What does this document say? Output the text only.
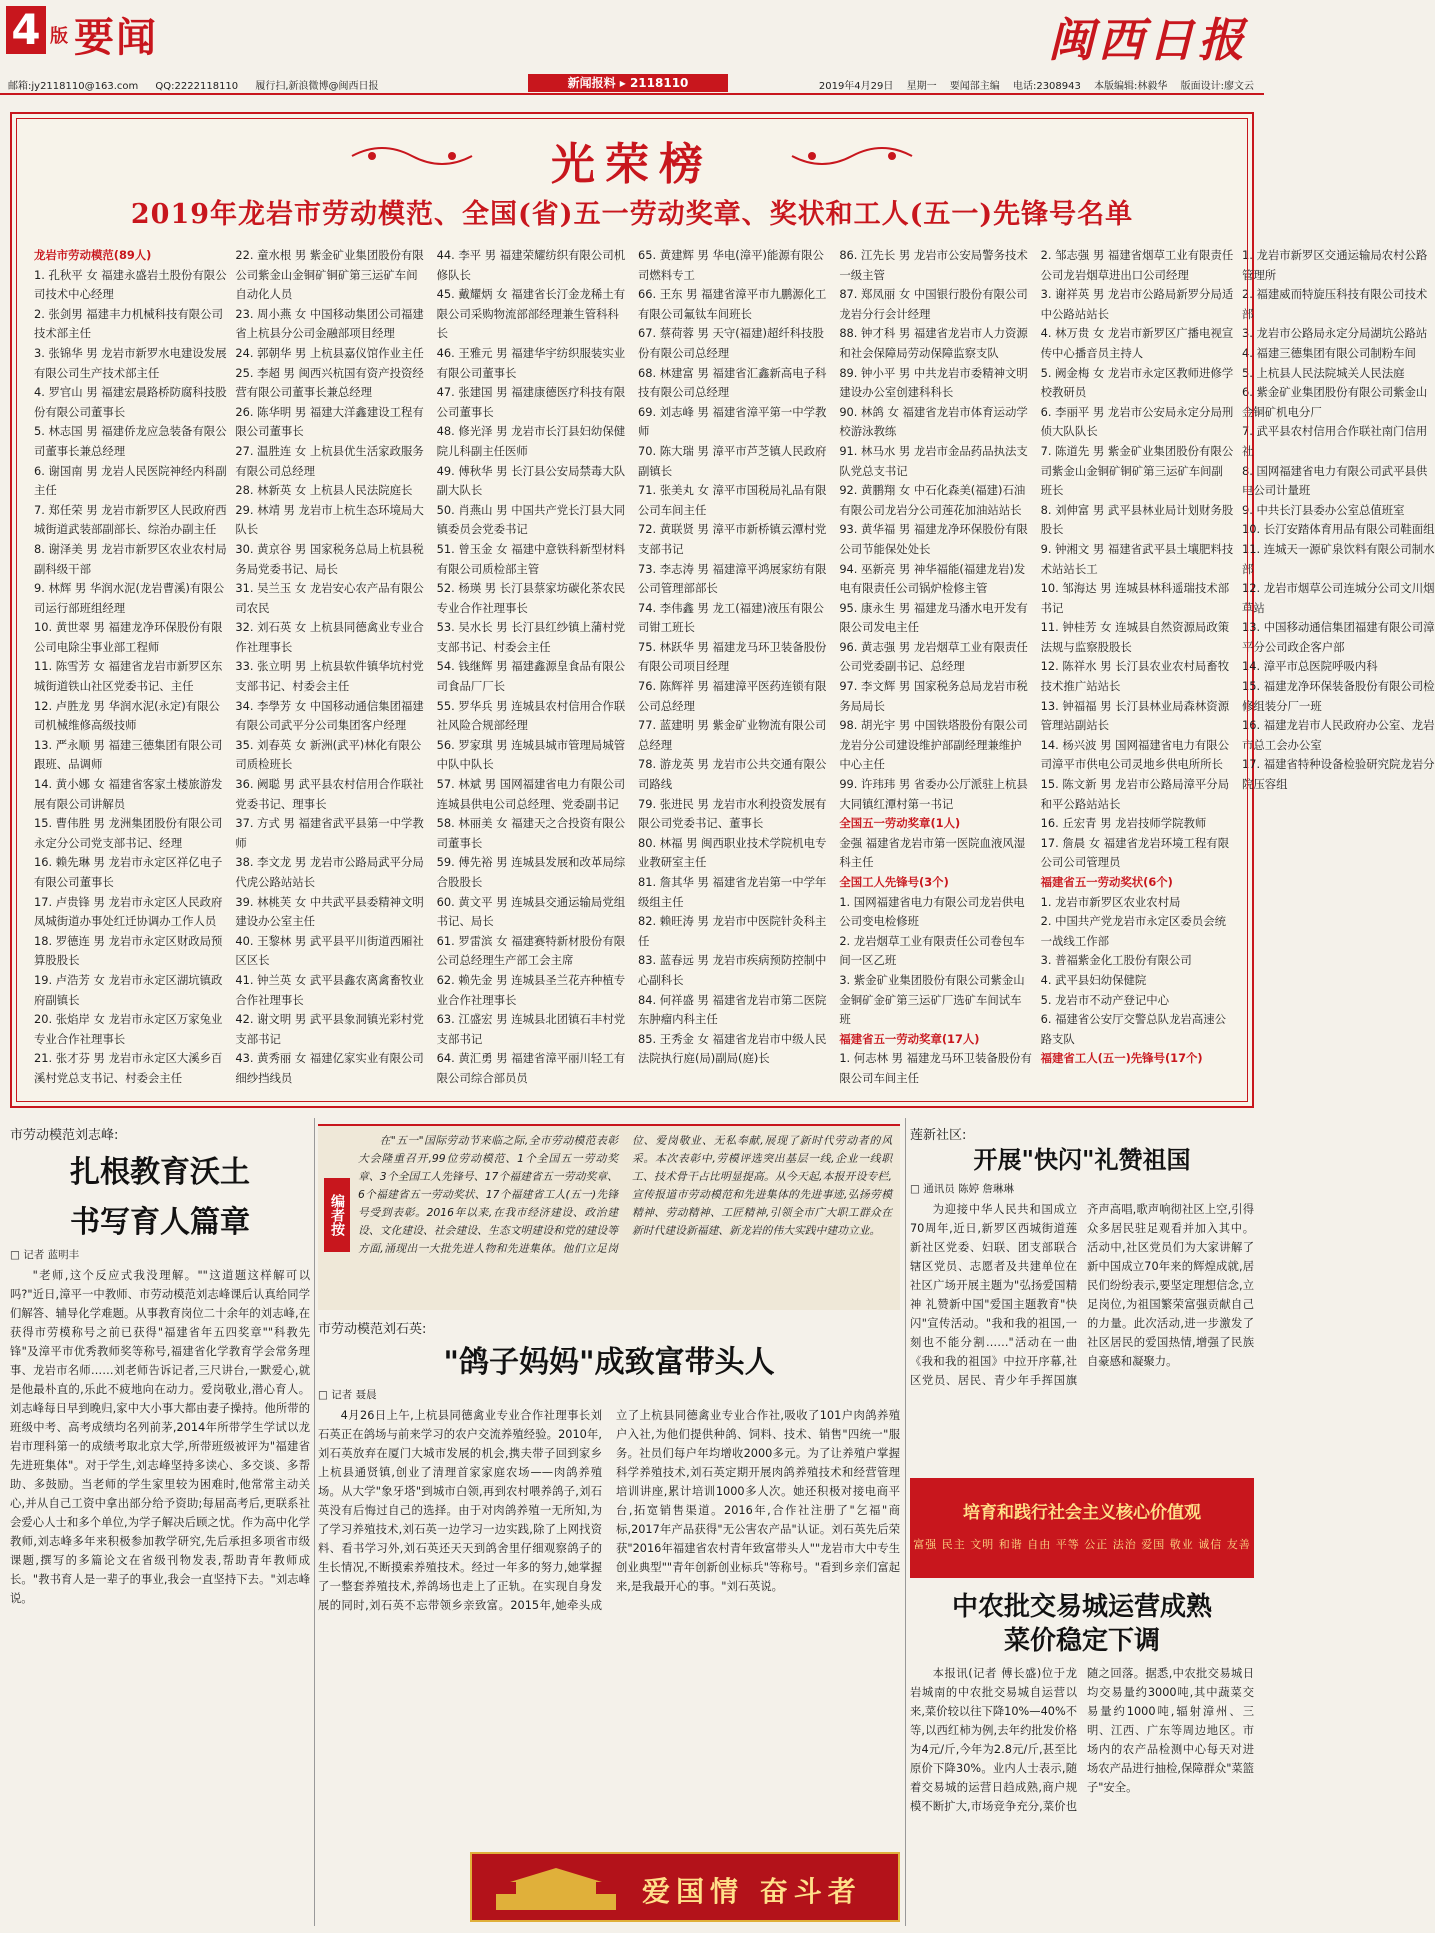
4 版 要闻	闽西日报
邮箱:jy2118110@163.com QQ:2222118110 履行扫,新浪微博@闽西日报	新闻报料 ▸ 2118110	2019年4月29日 星期一 要闻部主编 电话:2308943 本版编辑:林毅华 版面设计:廖文云
光荣榜
2019年龙岩市劳动模范、全国(省)五一劳动奖章、奖状和工人(五一)先锋号名单
龙岩市劳动模范(89人)
1. 孔秋平 女 福建永盛岩土股份有限公司技术中心经理
2. 张剑男 福建丰力机械科技有限公司技术部主任
3. 张锦华 男 龙岩市新罗水电建设发展有限公司生产技术部主任
4. 罗官山 男 福建宏晨路桥防腐科技股份有限公司董事长
5. 林志国 男 福建侨龙应急装备有限公司董事长兼总经理
6. 谢国南 男 龙岩人民医院神经内科副主任
7. 郑任荣 男 龙岩市新罗区人民政府西城街道武装部副部长、综治办副主任
8. 谢泽美 男 龙岩市新罗区农业农村局副科级干部
9. 林辉 男 华润水泥(龙岩曹溪)有限公司运行部班组经理
10. 黄世翠 男 福建龙净环保股份有限公司电除尘事业部工程师
11. 陈雪芳 女 福建省龙岩市新罗区东城街道铁山社区党委书记、主任
12. 卢胜龙 男 华润水泥(永定)有限公司机械维修高级技师
13. 严永顺 男 福建三德集团有限公司跟班、品调师
14. 黄小娜 女 福建省客家土楼旅游发展有限公司讲解员
15. 曹伟胜 男 龙洲集团股份有限公司永定分公司党支部书记、经理
16. 赖先琳 男 龙岩市永定区祥亿电子有限公司董事长
17. 卢贵锋 男 龙岩市永定区人民政府凤城街道办事处红迁协调办工作人员
18. 罗德连 男 龙岩市永定区财政局预算股股长
19. 卢浩芳 女 龙岩市永定区湖坑镇政府副镇长
20. 张焰岸 女 龙岩市永定区万家兔业专业合作社理事长
21. 张才芬 男 龙岩市永定区大溪乡百溪村党总支书记、村委会主任
22. 童水根 男 紫金矿业集团股份有限公司紫金山金铜矿铜矿第三运矿车间自动化人员
23. 周小燕 女 中国移动集团公司福建省上杭县分公司金融部项目经理
24. 郭朝华 男 上杭县嘉仪馆作业主任
25. 李超 男 闽西兴杭国有资产投资经营有限公司董事长兼总经理
26. 陈华明 男 福建大洋鑫建设工程有限公司董事长
27. 温胜连 女 上杭县优生活家政服务有限公司总经理
28. 林新英 女 上杭县人民法院庭长
29. 林靖 男 龙岩市上杭生态环境局大队长
30. 黄京谷 男 国家税务总局上杭县税务局党委书记、局长
31. 吴兰玉 女 龙岩安心农产品有限公司农民
32. 刘石英 女 上杭县同德禽业专业合作社理事长
33. 张立明 男 上杭县软件镇华坑村党支部书记、村委会主任
34. 李學芳 女 中国移动通信集团福建有限公司武平分公司集团客户经理
35. 刘春英 女 新洲(武平)林化有限公司质检班长
36. 阙聪 男 武平县农村信用合作联社党委书记、理事长
37. 方式 男 福建省武平县第一中学教师
38. 李文龙 男 龙岩市公路局武平分局代虎公路站站长
39. 林桃芙 女 中共武平县委精神文明建设办公室主任
40. 王黎林 男 武平县平川街道西厢社区区长
41. 钟兰英 女 武平县鑫农离禽畜牧业合作社理事长
42. 谢文明 男 武平县象洞镇光彩村党支部书记
43. 黄秀丽 女 福建亿家实业有限公司细纱挡线员
44. 李平 男 福建荣耀纺织有限公司机修队长
45. 戴耀炳 女 福建省长汀金龙稀土有限公司采购物流部部经理兼生管科科长
46. 王雅元 男 福建华宇纺织服装实业有限公司董事长
47. 张建国 男 福建康德医疗科技有限公司董事长
48. 修光泽 男 龙岩市长汀县妇幼保健院儿科副主任医师
49. 傅秋华 男 长汀县公安局禁毒大队副大队长
50. 肖燕山 男 中国共产党长汀县大同镇委员会党委书记
51. 曾玉金 女 福建中意铁科新型材料有限公司质检部主管
52. 杨瑛 男 长汀县蔡家坊碳化茶农民专业合作社理事长
53. 吴水长 男 长汀县红纱镇上蒲村党支部书记、村委会主任
54. 钱继辉 男 福建鑫源皇食品有限公司食品厂厂长
55. 罗华兵 男 连城县农村信用合作联社风险合规部经理
56. 罗家琪 男 连城县城市管理局城管中队中队长
57. 林斌 男 国网福建省电力有限公司连城县供电公司总经理、党委副书记
58. 林丽美 女 福建天之合投资有限公司董事长
59. 傅先裕 男 连城县发展和改革局综合股股长
60. 黄文平 男 连城县交通运输局党组书记、局长
61. 罗雷滨 女 福建赛特新材股份有限公司总经理生产部工会主席
62. 赖先金 男 连城县圣兰花卉种植专业合作社理事长
63. 江盛宏 男 连城县北团镇石丰村党支部书记
64. 黄汇勇 男 福建省漳平丽川轻工有限公司综合部员员
65. 黄建辉 男 华电(漳平)能源有限公司燃料专工
66. 王东 男 福建省漳平市九鹏源化工有限公司氟钛车间班长
67. 蔡荷蓉 男 天守(福建)超纤科技股份有限公司总经理
68. 林建富 男 福建省汇鑫新高电子科技有限公司总经理
69. 刘志峰 男 福建省漳平第一中学教师
70. 陈大瑞 男 漳平市芦芝镇人民政府副镇长
71. 张美丸 女 漳平市国税局礼品有限公司车间主任
72. 黄联贤 男 漳平市新桥镇云潭村党支部书记
73. 李志涛 男 福建漳平鸿展家纺有限公司管理部部长
74. 李伟鑫 男 龙工(福建)液压有限公司钳工班长
75. 林跃华 男 福建龙马环卫装备股份有限公司项目经理
76. 陈辉祥 男 福建漳平医药连锁有限公司总经理
77. 蓝建明 男 紫金矿业物流有限公司总经理
78. 游龙英 男 龙岩市公共交通有限公司路线
79. 张进民 男 龙岩市水利投资发展有限公司党委书记、董事长
80. 林福 男 闽西职业技术学院机电专业教研室主任
81. 詹其华 男 福建省龙岩第一中学年级组主任
82. 赖旺涛 男 龙岩市中医院针灸科主任
83. 蓝春远 男 龙岩市疾病预防控制中心副科长
84. 何祥盛 男 福建省龙岩市第二医院东肿瘤内科主任
85. 王秀金 女 福建省龙岩市中级人民法院执行庭(局)副局(庭)长
86. 江先长 男 龙岩市公安局警务技术一级主管
87. 郑凤丽 女 中国银行股份有限公司龙岩分行会计经理
88. 钟才科 男 福建省龙岩市人力资源和社会保障局劳动保障监察支队
89. 钟小平 男 中共龙岩市委精神文明建设办公室创建科科长
90. 林鸽 女 福建省龙岩市体育运动学校游泳教练
91. 林马水 男 龙岩市金品药品执法支队党总支书记
92. 黄鹏翔 女 中石化森美(福建)石油有限公司龙岩分公司莲花加油站站长
93. 黄华福 男 福建龙净环保股份有限公司节能保处处长
94. 巫新亮 男 神华福能(福建龙岩)发电有限责任公司锅炉检修主管
95. 康永生 男 福建龙马潘水电开发有限公司发电主任
96. 黄志强 男 龙岩烟草工业有限责任公司党委副书记、总经理
97. 李文辉 男 国家税务总局龙岩市税务局局长
98. 胡光宇 男 中国铁塔股份有限公司龙岩分公司建设维护部副经理兼维护中心主任
99. 许玮玮 男 省委办公厅派驻上杭县大同镇红潭村第一书记
全国五一劳动奖章(1人)
金强 福建省龙岩市第一医院血液风湿科主任
全国工人先锋号(3个)
1. 国网福建省电力有限公司龙岩供电公司变电检修班
2. 龙岩烟草工业有限责任公司卷包车间一区乙班
3. 紫金矿业集团股份有限公司紫金山金铜矿金矿第三运矿厂选矿车间试车班
福建省五一劳动奖章(17人)
1. 何志林 男 福建龙马环卫装备股份有限公司车间主任
2. 邹志强 男 福建省烟草工业有限责任公司龙岩烟草进出口公司经理
3. 谢祥英 男 龙岩市公路局新罗分局适中公路站站长
4. 林万贵 女 龙岩市新罗区广播电视宣传中心播音员主持人
5. 阙金梅 女 龙岩市永定区教师进修学校教研员
6. 李丽平 男 龙岩市公安局永定分局刑侦大队队长
7. 陈道先 男 紫金矿业集团股份有限公司紫金山金铜矿铜矿第三运矿车间副班长
8. 刘伸富 男 武平县林业局计划财务股股长
9. 钟湘文 男 福建省武平县土壤肥料技术站站长工
10. 邹海达 男 连城县林科遥瑞技术部书记
11. 钟桂芳 女 连城县自然资源局政策法规与监察股股长
12. 陈祥水 男 长汀县农业农村局畜牧技术推广站站长
13. 钟福福 男 长汀县林业局森林资源管理站副站长
14. 杨兴波 男 国网福建省电力有限公司漳平市供电公司灵地乡供电所所长
15. 陈文新 男 龙岩市公路局漳平分局和平公路站站长
16. 丘宏青 男 龙岩技师学院教师
17. 詹晨 女 福建省龙岩环境工程有限公司公司管理员
福建省五一劳动奖状(6个)
1. 龙岩市新罗区农业农村局
2. 中国共产党龙岩市永定区委员会统一战线工作部
3. 普福紫金化工股份有限公司
4. 武平县妇幼保健院
5. 龙岩市不动产登记中心
6. 福建省公安厅交警总队龙岩高速公路支队
福建省工人(五一)先锋号(17个)
1. 龙岩市新罗区交通运输局农村公路管理所
2. 福建威而特旋压科技有限公司技术部
3. 龙岩市公路局永定分局湖坑公路站
4. 福建三德集团有限公司制粉车间
5. 上杭县人民法院城关人民法庭
6. 紫金矿业集团股份有限公司紫金山金铜矿机电分厂
7. 武平县农村信用合作联社南门信用社
8. 国网福建省电力有限公司武平县供电公司计量班
9. 中共长汀县委办公室总值班室
10. 长汀安踏体育用品有限公司鞋面组
11. 连城天一源矿泉饮料有限公司制水部
12. 龙岩市烟草公司连城分公司文川烟草站
13. 中国移动通信集团福建有限公司漳平分公司政企客户部
14. 漳平市总医院呼吸内科
15. 福建龙净环保装备股份有限公司检修组装分厂一班
16. 福建龙岩市人民政府办公室、龙岩市总工会办公室
17. 福建省特种设备检验研究院龙岩分院压容组
市劳动模范刘志峰:
扎根教育沃土
书写育人篇章
□ 记者 蓝明丰

"老师,这个反应式我没理解。""这道题这样解可以吗?"近日,漳平一中教师、市劳动模范刘志峰课后认真给同学们解答、辅导化学难题。从事教育岗位二十余年的刘志峰,在获得市劳模称号之前已获得"福建省年五四奖章""科教先锋"及漳平市优秀教师奖等称号,福建省化学教育学会常务理事、龙岩市名师……刘老师告诉记者,三尺讲台,一默爱心,就是他最朴直的,乐此不疲地向在动力。爱岗敬业,潜心育人。刘志峰每日早到晚归,家中大小事大都由妻子操持。他所带的班级中考、高考成绩均名列前茅,2014年所带学生学试以龙岩市理科第一的成绩考取北京大学,所带班级被评为"福建省先进班集体"。对于学生,刘志峰坚持多读心、多交谈、多帮助、多鼓励。当老师的学生家里较为困难时,他常常主动关心,并从自己工资中拿出部分给予资助;每届高考后,更联系社会爱心人士和多个单位,为学子解决后顾之忧。作为高中化学教师,刘志峰多年来积极参加教学研究,先后承担多项省市级课题,撰写的多篇论文在省级刊物发表,帮助青年教师成长。"教书育人是一辈子的事业,我会一直坚持下去。"刘志峰说。

编者按

在"五一"国际劳动节来临之际,全市劳动模范表彰大会隆重召开,99位劳动模范、1个全国五一劳动奖章、3个全国工人先锋号、17个福建省五一劳动奖章、6个福建省五一劳动奖状、17个福建省工人(五一)先锋号受到表彰。2016年以来,在我市经济建设、政治建设、文化建设、社会建设、生态文明建设和党的建设等方面,涌现出一大批先进人物和先进集体。他们立足岗位、爱岗敬业、无私奉献,展现了新时代劳动者的风采。本次表彰中,劳模评选突出基层一线,企业一线职工、技术骨干占比明显提高。从今天起,本报开设专栏,宣传报道市劳动模范和先进集体的先进事迹,弘扬劳模精神、劳动精神、工匠精神,引领全市广大职工群众在新时代建设新福建、新龙岩的伟大实践中建功立业。

市劳动模范刘石英:
"鸽子妈妈"成致富带头人
□ 记者 聂晨

4月26日上午,上杭县同德禽业专业合作社理事长刘石英正在鸽场与前来学习的农户交流养殖经验。2010年,刘石英放弃在厦门大城市发展的机会,携夫带子回到家乡上杭县通贤镇,创业了清理首家家庭农场——肉鸽养殖场。从大学"象牙塔"到城市白领,再到农村喂养鸽子,刘石英没有后悔过自己的选择。由于对肉鸽养殖一无所知,为了学习养殖技术,刘石英一边学习一边实践,除了上网找资料、看书学习外,刘石英还天天到鸽舍里仔细观察鸽子的生长情况,不断摸索养殖技术。经过一年多的努力,她掌握了一整套养殖技术,养鸽场也走上了正轨。在实现自身发展的同时,刘石英不忘带领乡亲致富。2015年,她牵头成立了上杭县同德禽业专业合作社,吸收了101户肉鸽养殖户入社,为他们提供种鸽、饲料、技术、销售"四统一"服务。社员们每户年均增收2000多元。为了让养殖户掌握科学养殖技术,刘石英定期开展肉鸽养殖技术和经营管理培训讲座,累计培训1000多人次。她还积极对接电商平台,拓宽销售渠道。2016年,合作社注册了"乞福"商标,2017年产品获得"无公害农产品"认证。刘石英先后荣获"2016年福建省农村青年致富带头人""龙岩市大中专生创业典型""青年创新创业标兵"等称号。"看到乡亲们富起来,是我最开心的事。"刘石英说。

爱国情 奋斗者
莲新社区:
开展"快闪"礼赞祖国
□ 通讯员 陈婷 詹琳琳

为迎接中华人民共和国成立70周年,近日,新罗区西城街道莲新社区党委、妇联、团支部联合辖区党员、志愿者及共建单位在社区广场开展主题为"弘扬爱国精神 礼赞新中国"爱国主题教育"快闪"宣传活动。"我和我的祖国,一刻也不能分割……"活动在一曲《我和我的祖国》中拉开序幕,社区党员、居民、青少年手挥国旗齐声高唱,歌声响彻社区上空,引得众多居民驻足观看并加入其中。活动中,社区党员们为大家讲解了新中国成立70年来的辉煌成就,居民们纷纷表示,要坚定理想信念,立足岗位,为祖国繁荣富强贡献自己的力量。此次活动,进一步激发了社区居民的爱国热情,增强了民族自豪感和凝聚力。

培育和践行社会主义核心价值观
富强 民主 文明 和谐 自由 平等 公正 法治 爱国 敬业 诚信 友善
中农批交易城运营成熟
菜价稳定下调

本报讯(记者 傅长盛)位于龙岩城南的中农批交易城自运营以来,菜价较以往下降10%—40%不等,以西红柿为例,去年约批发价格为4元/斤,今年为2.8元/斤,甚至比原价下降30%。业内人士表示,随着交易城的运营日趋成熟,商户规模不断扩大,市场竞争充分,菜价也随之回落。据悉,中农批交易城日均交易量约3000吨,其中蔬菜交易量约1000吨,辐射漳州、三明、江西、广东等周边地区。市场内的农产品检测中心每天对进场农产品进行抽检,保障群众"菜篮子"安全。
